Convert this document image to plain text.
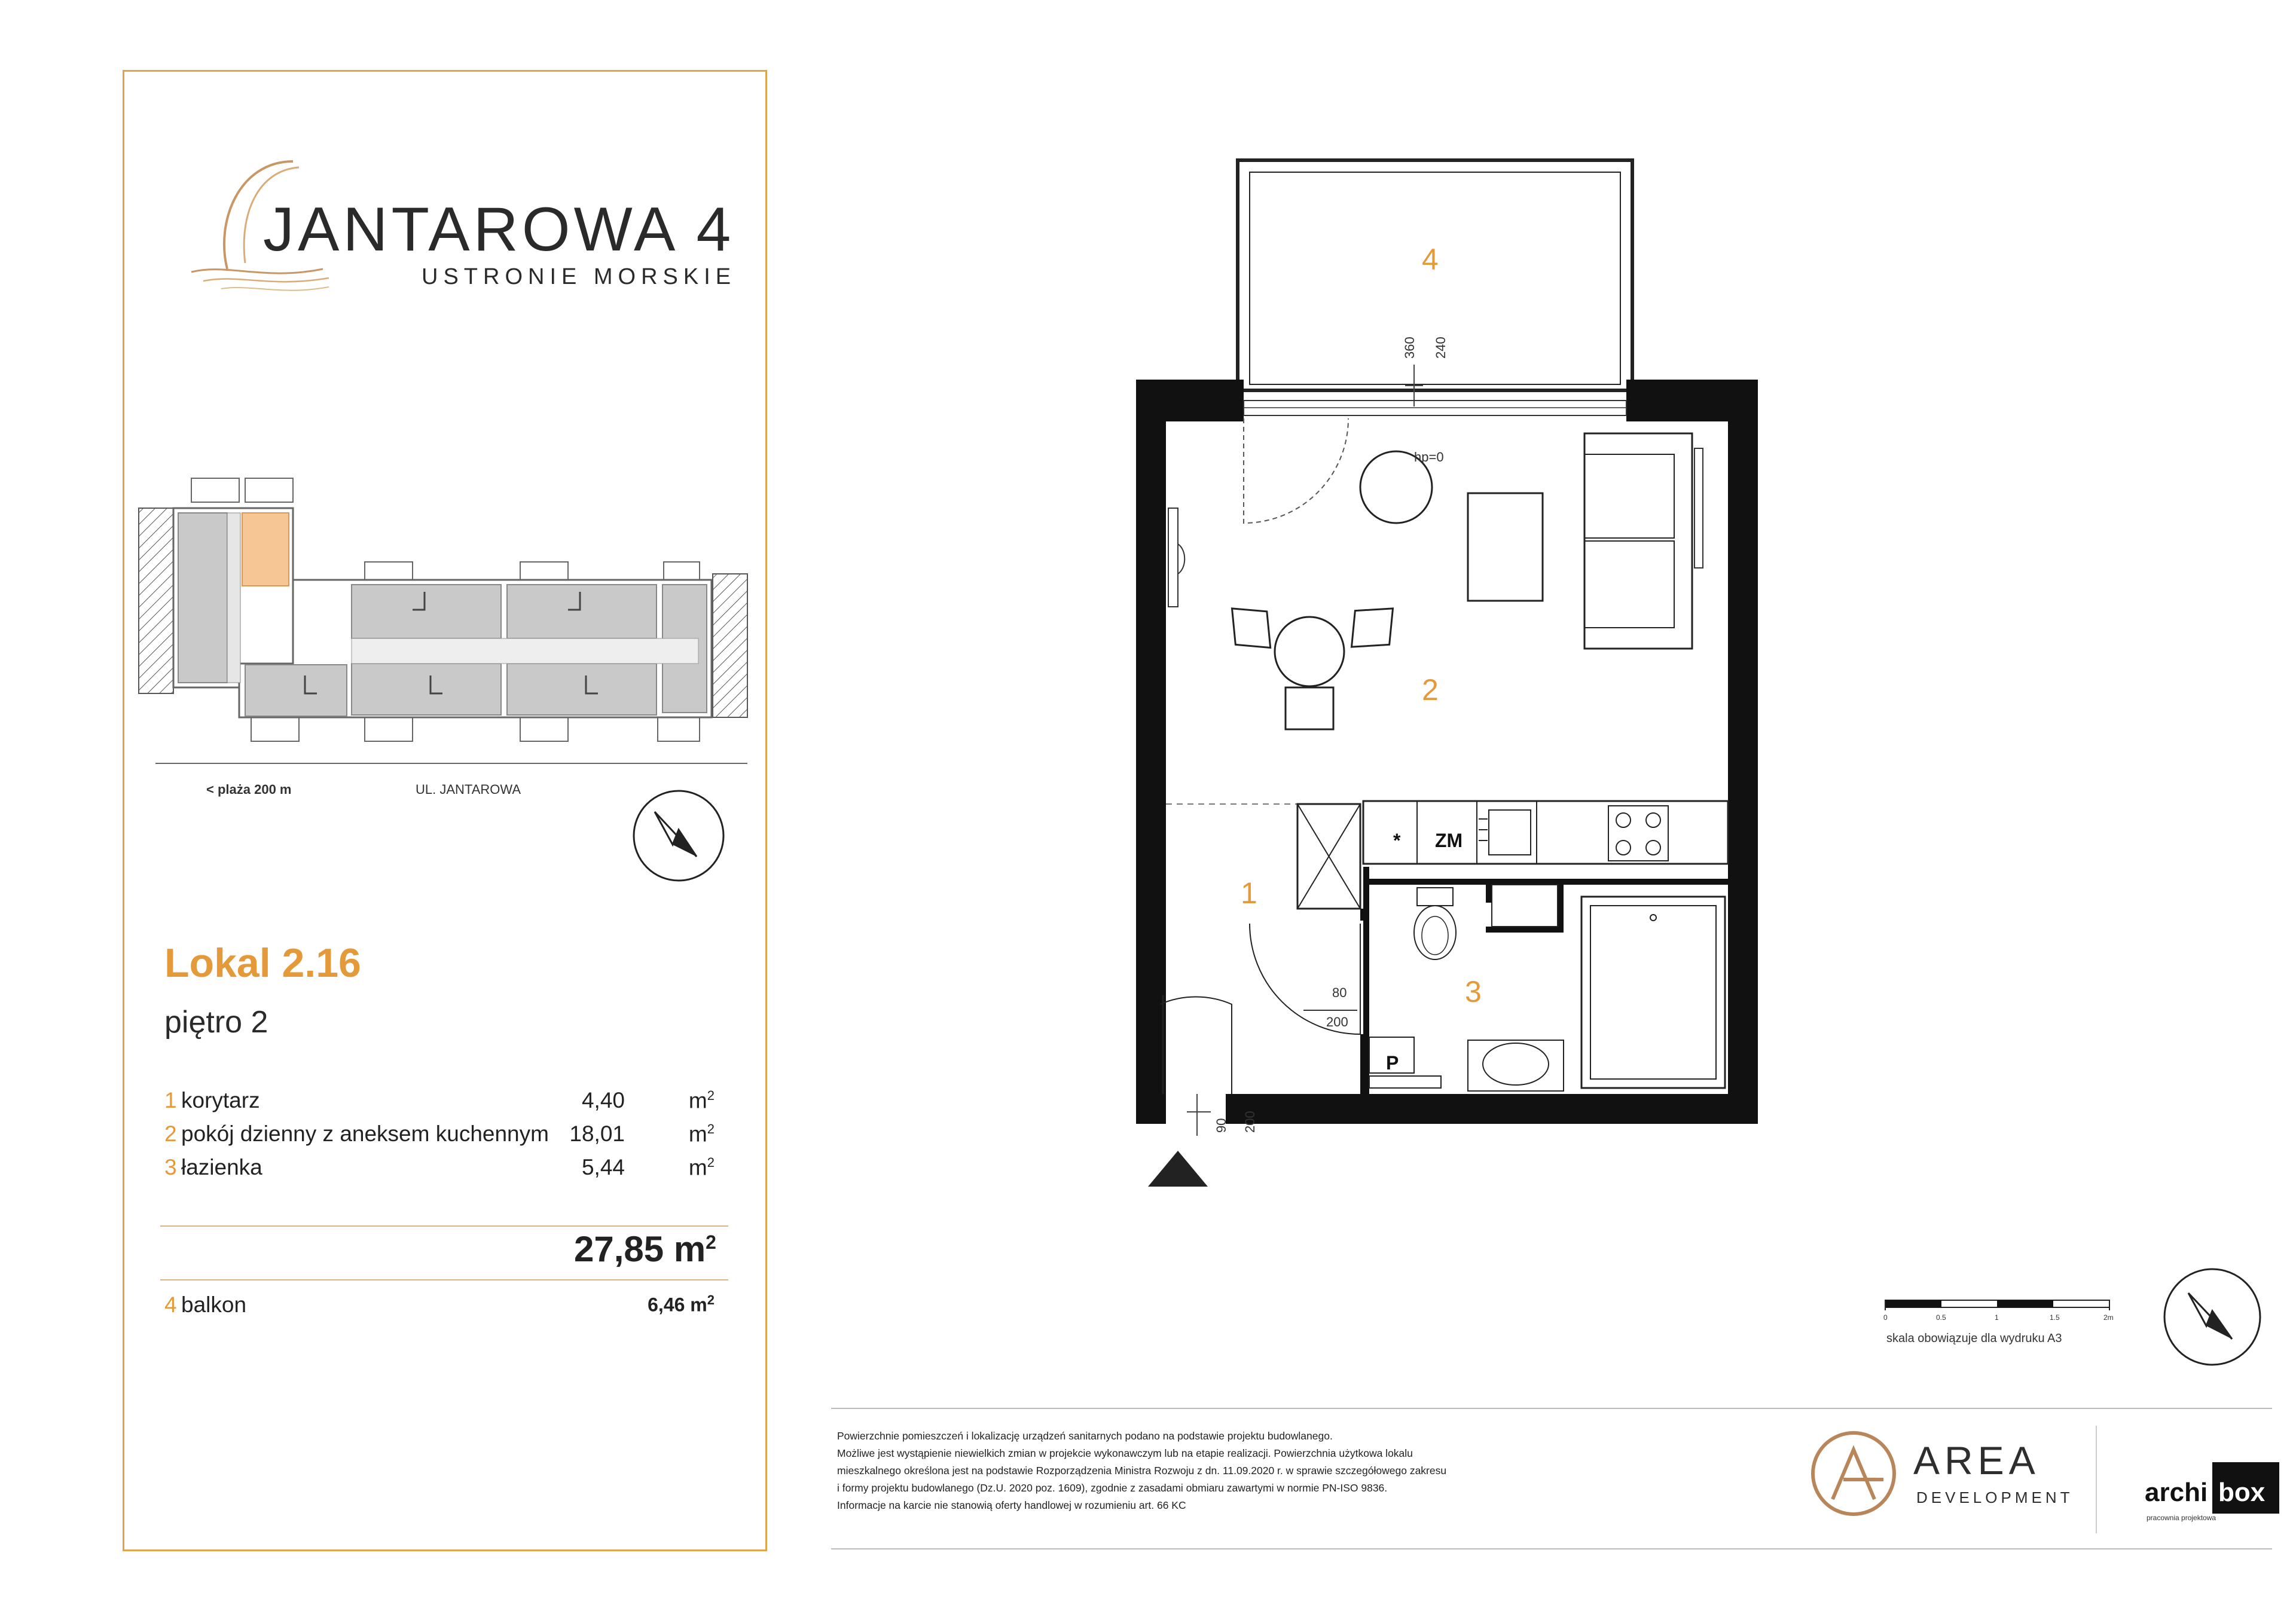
JANTAROWA 4
USTRONIE MORSKIE
< plaża 200 m	UL. JANTAROWA
Lokal 2.16
piętro 2
1 korytarz	4,40	$m^2$
2 pokój dzienny z aneksem kuchennym 18,01	$m^2$
3 łazienka	5,44	$m^2$
27,85 $m^2$
4 balkon	6,46 $m^2$
4
2
1
3
* ZM
P
360 240
hp=0
80
200
90 200
0	0.5	1	1.5	2m
skala obowiązuje dla wydruku A3
Powierzchnie pomieszczeń i lokalizację urządzeń sanitarnych podano na podstawie projektu budowlanego.
Możliwe jest wystąpienie niewielkich zmian w projekcie wykonawczym lub na etapie realizacji. Powierzchnia użytkowa lokalu
mieszkalnego określona jest na podstawie Rozporządzenia Ministra Rozwoju z dn. 11.09.2020 r. w sprawie szczegółowego zakresu
i formy projektu budowlanego (Dz.U. 2020 poz. 1609), zgodnie z zasadami obmiaru zawartymi w normie PN-ISO 9836.
Informacje na karcie nie stanowią oferty handlowej w rozumieniu art. 66 KC
AREA
DEVELOPMENT	archi box
pracownia projektowa
